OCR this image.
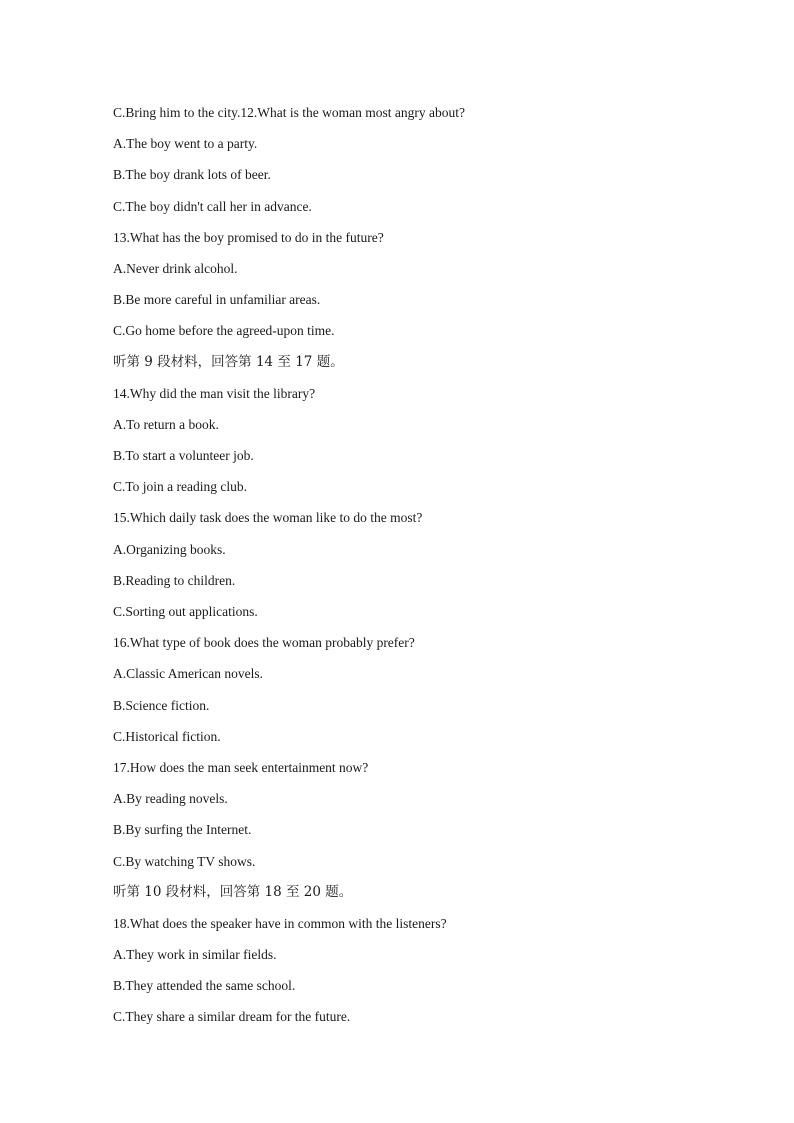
C.Bring him to the city.12.What is the woman most angry about?
A.The boy went to a party.
B.The boy drank lots of beer.
C.The boy didn't call her in advance.
13.What has the boy promised to do in the future?
A.Never drink alcohol.
B.Be more careful in unfamiliar areas.
C.Go home before the agreed-upon time.
听第 9 段材料，回答第 14 至 17 题。
14.Why did the man visit the library?
A.To return a book.
B.To start a volunteer job.
C.To join a reading club.
15.Which daily task does the woman like to do the most?
A.Organizing books.
B.Reading to children.
C.Sorting out applications.
16.What type of book does the woman probably prefer?
A.Classic American novels.
B.Science fiction.
C.Historical fiction.
17.How does the man seek entertainment now?
A.By reading novels.
B.By surfing the Internet.
C.By watching TV shows.
听第 10 段材料，回答第 18 至 20 题。
18.What does the speaker have in common with the listeners?
A.They work in similar fields.
B.They attended the same school.
C.They share a similar dream for the future.
